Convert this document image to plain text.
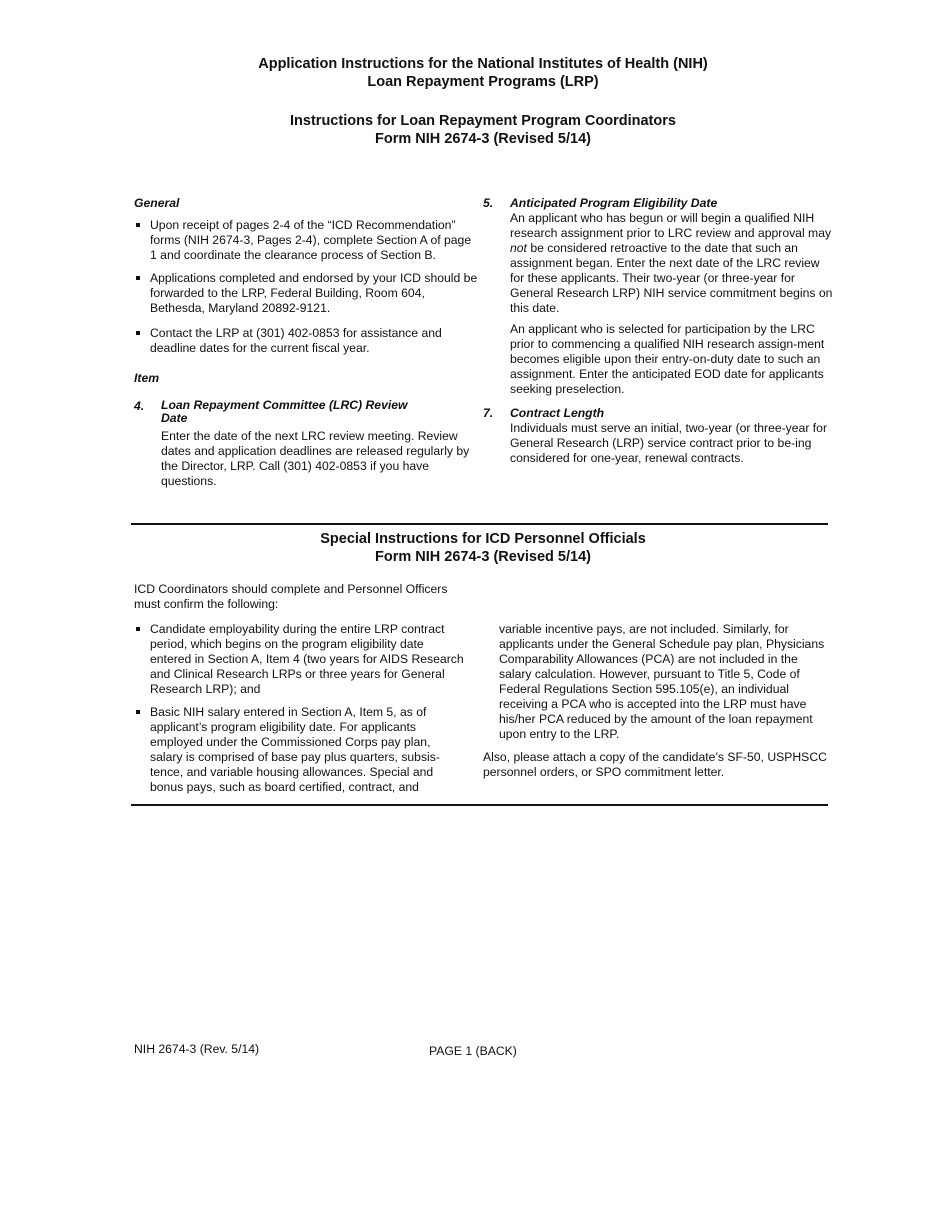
Application Instructions for the National Institutes of Health (NIH)
Loan Repayment Programs (LRP)
Instructions for Loan Repayment Program Coordinators
Form NIH 2674-3 (Revised 5/14)
General
Upon receipt of pages 2-4 of the “ICD Recommendation” forms (NIH 2674-3, Pages 2-4), complete Section A of page 1 and coordinate the clearance process of Section B.
Applications completed and endorsed by your ICD should be forwarded to the LRP, Federal Building, Room 604, Bethesda, Maryland 20892-9121.
Contact the LRP at (301) 402-0853 for assistance and deadline dates for the current fiscal year.
Item
4. Loan Repayment Committee (LRC) Review Date

Enter the date of the next LRC review meeting. Review dates and application deadlines are released regularly by the Director, LRP. Call (301) 402-0853 if you have questions.

5. Anticipated Program Eligibility Date

An applicant who has begun or will begin a qualified NIH research assignment prior to LRC review and approval may not be considered retroactive to the date that such an assignment began. Enter the next date of the LRC review for these applicants. Their two-year (or three-year for General Research LRP) NIH service commitment begins on this date.

An applicant who is selected for participation by the LRC prior to commencing a qualified NIH research assign-ment becomes eligible upon their entry-on-duty date to such an assignment. Enter the anticipated EOD date for applicants seeking preselection.

7. Contract Length

Individuals must serve an initial, two-year (or three-year for General Research (LRP) service contract prior to be-ing considered for one-year, renewal contracts.

Special Instructions for ICD Personnel Officials
Form NIH 2674-3 (Revised 5/14)

ICD Coordinators should complete and Personnel Officers must confirm the following:

Candidate employability during the entire LRP contract period, which begins on the program eligibility date entered in Section A, Item 4 (two years for AIDS Research and Clinical Research LRPs or three years for General Research LRP); and
Basic NIH salary entered in Section A, Item 5, as of applicant’s program eligibility date. For applicants employed under the Commissioned Corps pay plan, salary is comprised of base pay plus quarters, subsis-tence, and variable housing allowances. Special and bonus pays, such as board certified, contract, and

variable incentive pays, are not included. Similarly, for applicants under the General Schedule pay plan, Physicians Comparability Allowances (PCA) are not included in the salary calculation. However, pursuant to Title 5, Code of Federal Regulations Section 595.105(e), an individual receiving a PCA who is accepted into the LRP must have his/her PCA reduced by the amount of the loan repayment upon entry to the LRP.

Also, please attach a copy of the candidate’s SF-50, USPHSCC personnel orders, or SPO commitment letter.

NIH 2674-3 (Rev. 5/14)	PAGE 1 (BACK)
